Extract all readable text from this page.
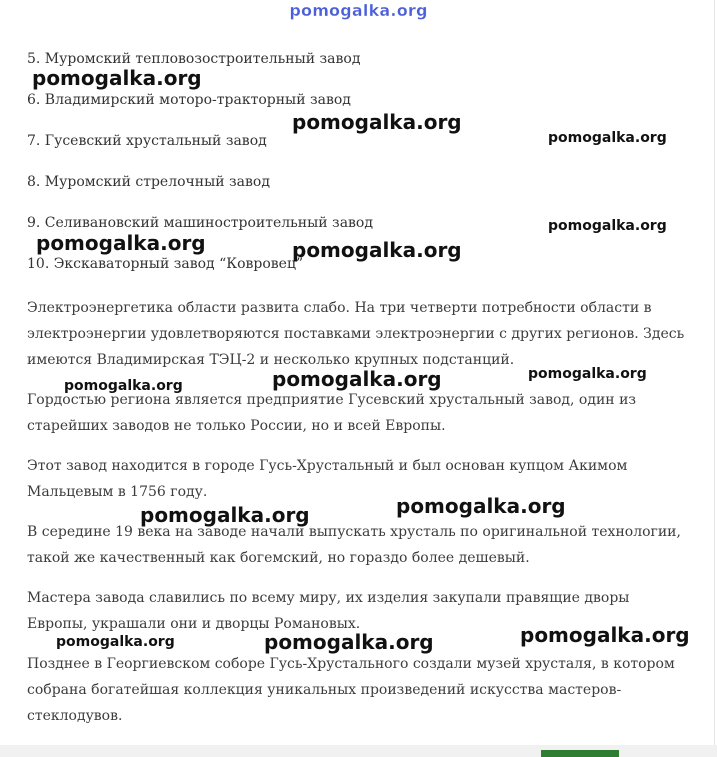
pomogalka.org
5. Муромский тепловозостроительный завод
6. Владимирский моторо-тракторный завод
7. Гусевский хрустальный завод
8. Муромский стрелочный завод
9. Селивановский машиностроительный завод
10. Экскаваторный завод “Ковровец”

Электроэнергетика области развита слабо. На три четверти потребности области в электроэнергии удовлетворяются поставками электроэнергии с других регионов. Здесь имеются Владимирская ТЭЦ-2 и несколько крупных подстанций.

Гордостью региона является предприятие Гусевский хрустальный завод, один из старейших заводов не только России, но и всей Европы.

Этот завод находится в городе Гусь-Хрустальный и был основан купцом Акимом Мальцевым в 1756 году.

В середине 19 века на заводе начали выпускать хрусталь по оригинальной технологии, такой же качественный как богемский, но гораздо более дешевый.

Мастера завода славились по всему миру, их изделия закупали правящие дворы Европы, украшали они и дворцы Романовых.

Позднее в Георгиевском соборе Гусь-Хрустального создали музей хрусталя, в котором собрана богатейшая коллекция уникальных произведений искусства мастеров-стеклодувов.

pomogalka.org
pomogalka.org
pomogalka.org
pomogalka.org
pomogalka.org	pomogalka.org
pomogalka.org	pomogalka.org
pomogalka.org
pomogalka.org
pomogalka.org
pomogalka.org
pomogalka.org
pomogalka.org
